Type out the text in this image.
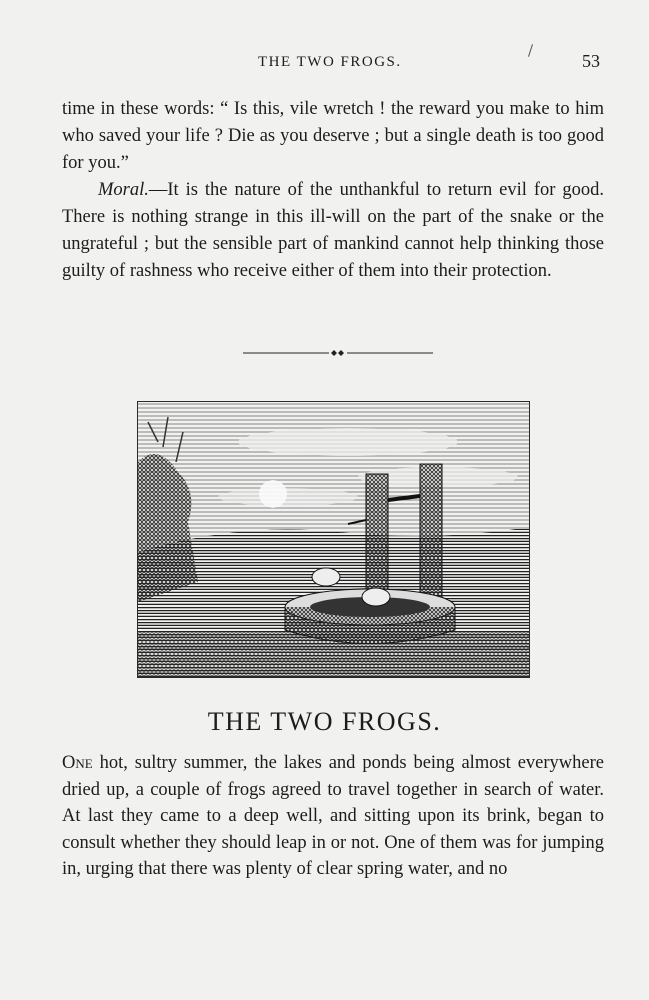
THE TWO FROGS.	53

time in these words: “ Is this, vile wretch ! the reward you make to him who saved your life ? Die as you deserve ; but a single death is too good for you.”

Moral.—It is the nature of the unthankful to return evil for good. There is nothing strange in this ill-will on the part of the snake or the ungrateful ; but the sensible part of mankind cannot help thinking those guilty of rashness who receive either of them into their protection.

THE TWO FROGS.

One hot, sultry summer, the lakes and ponds being almost everywhere dried up, a couple of frogs agreed to travel together in search of water. At last they came to a deep well, and sitting upon its brink, began to consult whether they should leap in or not. One of them was for jumping in, urging that there was plenty of clear spring water, and no
